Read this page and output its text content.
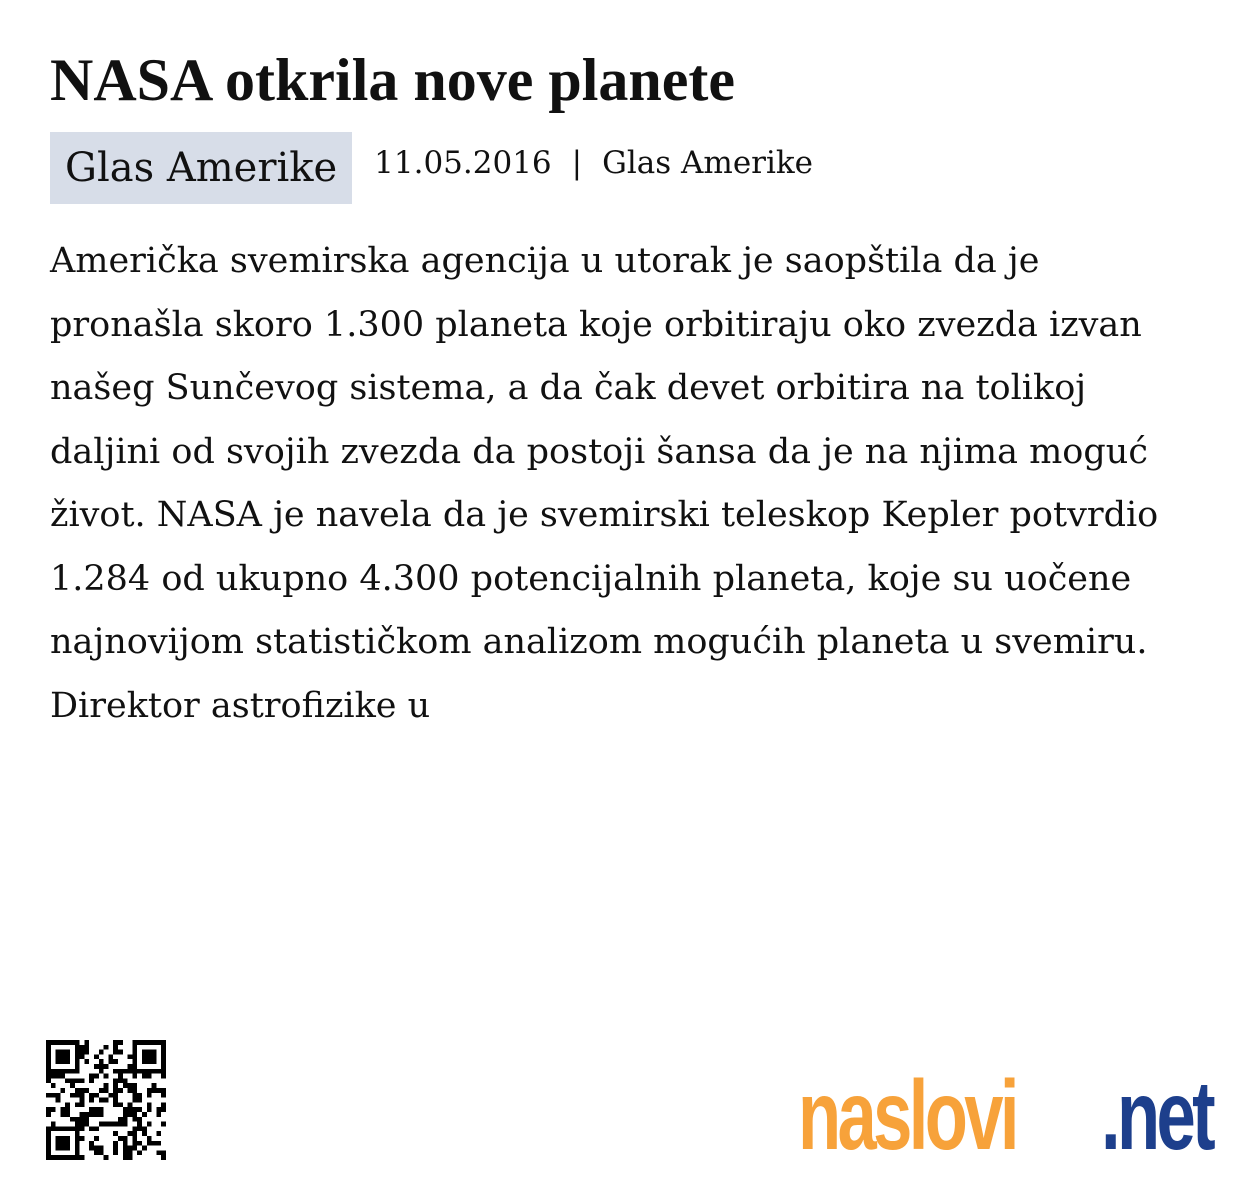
NASA otkrila nove planete
Glas Amerike	11.05.2016 | Glas Amerike

Američka svemirska agencija u utorak je saopštila da je pronašla skoro 1.300 planeta koje orbitiraju oko zvezda izvan našeg Sunčevog sistema, a da čak devet orbitira na tolikoj daljini od svojih zvezda da postoji šansa da je na njima moguć život. NASA je navela da je svemirski teleskop Kepler potvrdio 1.284 od ukupno 4.300 potencijalnih planeta, koje su uočene najnovijom statističkom analizom mogućih planeta u svemiru. Direktor astrofizike u

naslovi .net
